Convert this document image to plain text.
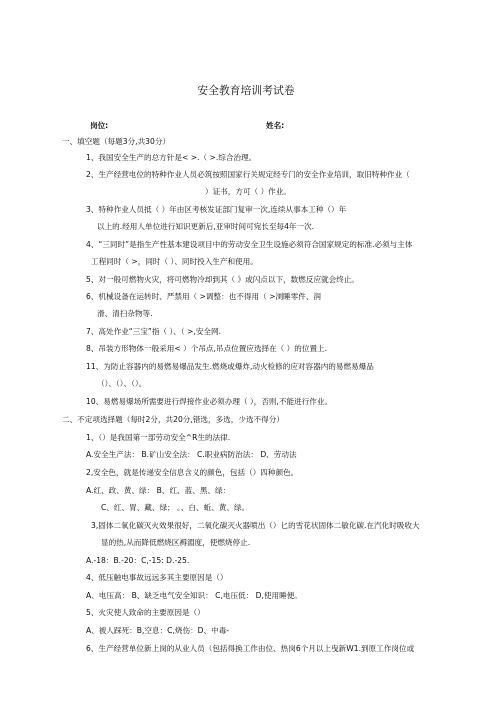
安全教育培训考试卷
岗位:	姓名:
一、填空题（每题3分,共30分）
1、我国安全生产的总方针是< >.（ >.综合治理。
2、生产经营电位的特种作业人员必筑按照国家行关规定经专门的安全作业培训，取旧特种作业（
）证书，方可（ ）作业。
3、特种作业人员抵（ ）年由区考核发证部门复审一次,连续从事本工种（）年
以上的.经用人单位进行知识更新后,亚审时间可宛长至每4年一次.
4、“三同时”是指生产性基本建设项目中的劳动安全卫生设施必须符合国家规定的标准.必须与主体
工程同时（ >，同时（ ）、同时投入生产和使用。
5、对一般可燃物火灾，将可燃物冷却到其（ 》或闪点以下，数燃反应就会终止。
6、机械设备在运转时、严禁用（ >调整：也不得用（ >浏睡零件、润
滑、清扫杂物等.
7、高处作业“三宝”指（ ）、（ >,安全网.
8、吊装方形物体一般采用< ）个吊点,吊点位置应选择在（ ）的位置上.
11、为防止容器内的易燃易爆品发生.燃烧或爆炸,动火检修的应对容器内的易燃易爆品
（）、（）、（）。
10、易燃易爆场所需要进行焊接作业必须办理（ ），否则,不能进行作业。
二、不定项选择题（每时2分，共20分,错选，多选，少选不得分）
1、（）是我国第一部劳动安全^R生的法律.
A.安全生产法： B.矿山安全法： C.职业病防治法： D、劳动法
2,安全色，就是传递安全信息含义的颜色，包括（）四种颜色。
A.红、政、黄、绿： B、红、蓝、黑、绿：
C、红、胃、藏、绿； 。、白、蚯、黄、绿。
3,固体二氧化碳灭火效果很好，二氧化碳灭火器喷出（）匕的雪花状固体二敏化碳.在汽化时吸收大
显的热,从而降低燃烧区褥湄度，使燃烧停止.
A.-18：B.-20：C,-15: D.-25.
4、低压触电事故远远多其主要原因是（）
A、电压高： B、缺乏电气安全知识： C,电压低： D,使用睡便。
5、火灾使人致命的主要原因是（）
A、被人踩死：B,空息：C,烧伤：D、中毒-
6、生产经营单位新上岗的从业人员（包括得换工作由位、热岗6个月以上曳新W1.到原工作岗位或
